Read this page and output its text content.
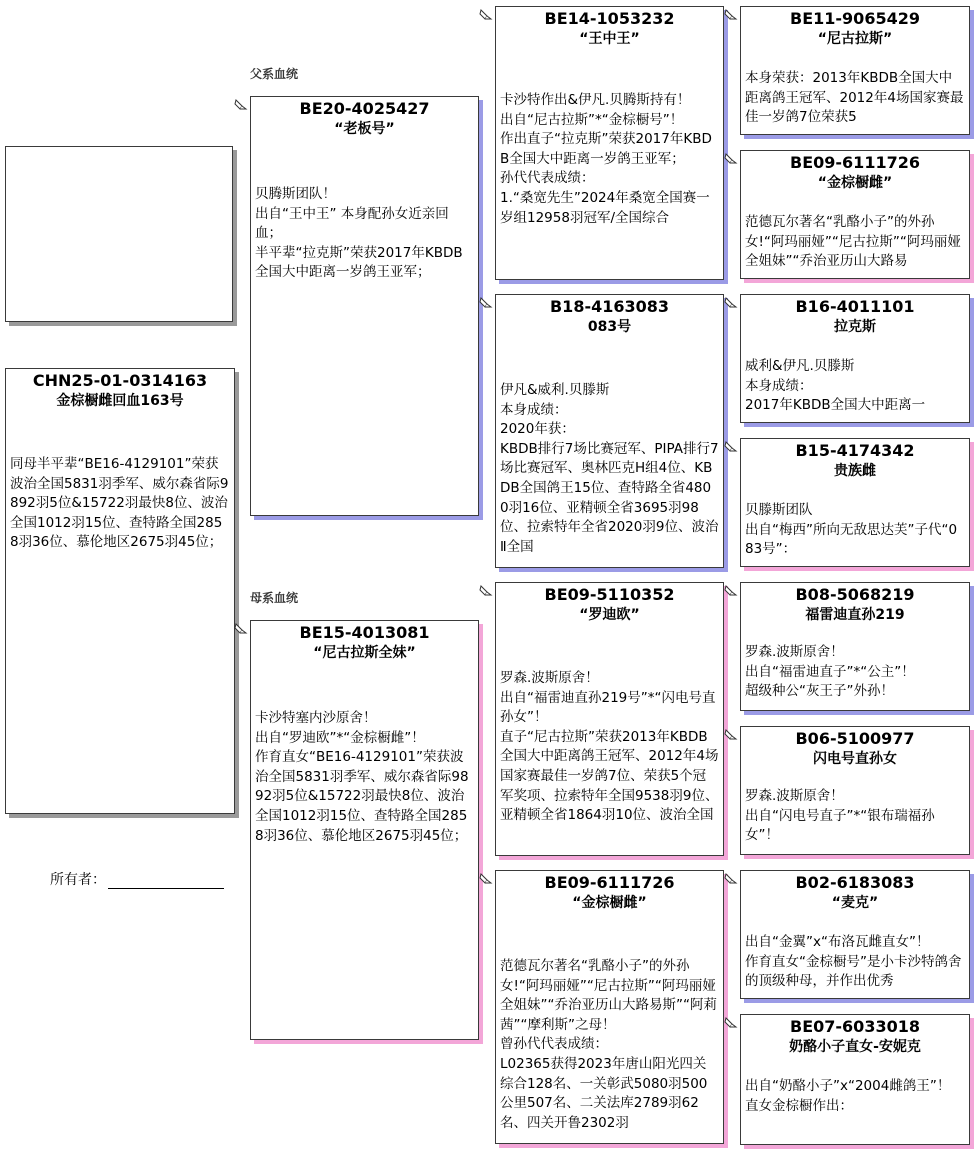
CHN25-01-0314163
金棕橱雌回血163号
同母半平辈“BE16-4129101”荣获波治全国5831羽季军、威尔森省际9892羽5位&15722羽最快8位、波治全国1012羽15位、查特路全国2858羽36位、慕伦地区2675羽45位；
所有者：
父系血统
母系血统
BE20-4025427
“老板号”
贝腾斯团队！
出自“王中王” 本身配孙女近亲回血；
半平辈“拉克斯”荣获2017年KBDB全国大中距离一岁鸽王亚军；
BE15-4013081
“尼古拉斯全妹”
卡沙特塞内沙原舍！
出自“罗迪欧”*“金棕橱雌”！
作育直女“BE16-4129101”荣获波治全国5831羽季军、威尔森省际9892羽5位&15722羽最快8位、波治全国1012羽15位、查特路全国2858羽36位、慕伦地区2675羽45位；
BE14-1053232
“王中王”
卡沙特作出&伊凡.贝腾斯持有！
出自“尼古拉斯”*“金棕橱号”！
作出直子“拉克斯”荣获2017年KBDB全国大中距离一岁鸽王亚军；
孙代代表成绩：
1.“桑宽先生”2024年桑宽全国赛一岁组12958羽冠军/全国综合
B18-4163083
083号
伊凡&威利.贝滕斯
本身成绩：
2020年获：
KBDB排行7场比赛冠军、PIPA排行7场比赛冠军、奥林匹克H组4位、KBDB全国鸽王15位、查特路全省4800羽16位、亚精顿全省3695羽98位、拉索特年全省2020羽9位、波治Ⅱ全国
BE09-5110352
“罗迪欧”
罗森.波斯原舍！
出自“福雷迪直孙219号”*“闪电号直孙女”！
直子“尼古拉斯”荣获2013年KBDB全国大中距离鸽王冠军、2012年4场国家赛最佳一岁鸽7位、荣获5个冠军奖项、拉索特年全国9538羽9位、亚精顿全省1864羽10位、波治全国
BE09-6111726
“金棕橱雌”
范德瓦尔著名“乳酪小子”的外孙女!“阿玛丽娅”“尼古拉斯”“阿玛丽娅全姐妹”“乔治亚历山大路易斯”“阿莉茜”“摩利斯”之母！
曾孙代代表成绩：
L02365获得2023年唐山阳光四关综合128名、一关彰武5080羽500公里507名、二关法库2789羽62名、四关开鲁2302羽
BE11-9065429
“尼古拉斯”
本身荣获：2013年KBDB全国大中距离鸽王冠军、2012年4场国家赛最佳一岁鸽7位荣获5
BE09-6111726
“金棕橱雌”
范德瓦尔著名“乳酪小子”的外孙女!“阿玛丽娅”“尼古拉斯”“阿玛丽娅全姐妹”“乔治亚历山大路易
B16-4011101
拉克斯
威利&伊凡.贝滕斯
本身成绩：
2017年KBDB全国大中距离一
B15-4174342
贵族雌
贝滕斯团队
出自“梅西”所向无敌思达芙”子代“083号”：
B08-5068219
福雷迪直孙219
罗森.波斯原舍！
出自“福雷迪直子”*“公主”！
超级种公“灰王子”外孙！
B06-5100977
闪电号直孙女
罗森.波斯原舍！
出自“闪电号直子”*“银布瑞福孙女”！
B02-6183083
“麦克”
出自“金翼”x“布洛瓦雌直女”！
作育直女“金棕橱号”是小卡沙特鸽舍的顶级种母，并作出优秀
BE07-6033018
奶酪小子直女-安妮克
出自“奶酪小子”x“2004雌鸽王”！
直女金棕橱作出：
